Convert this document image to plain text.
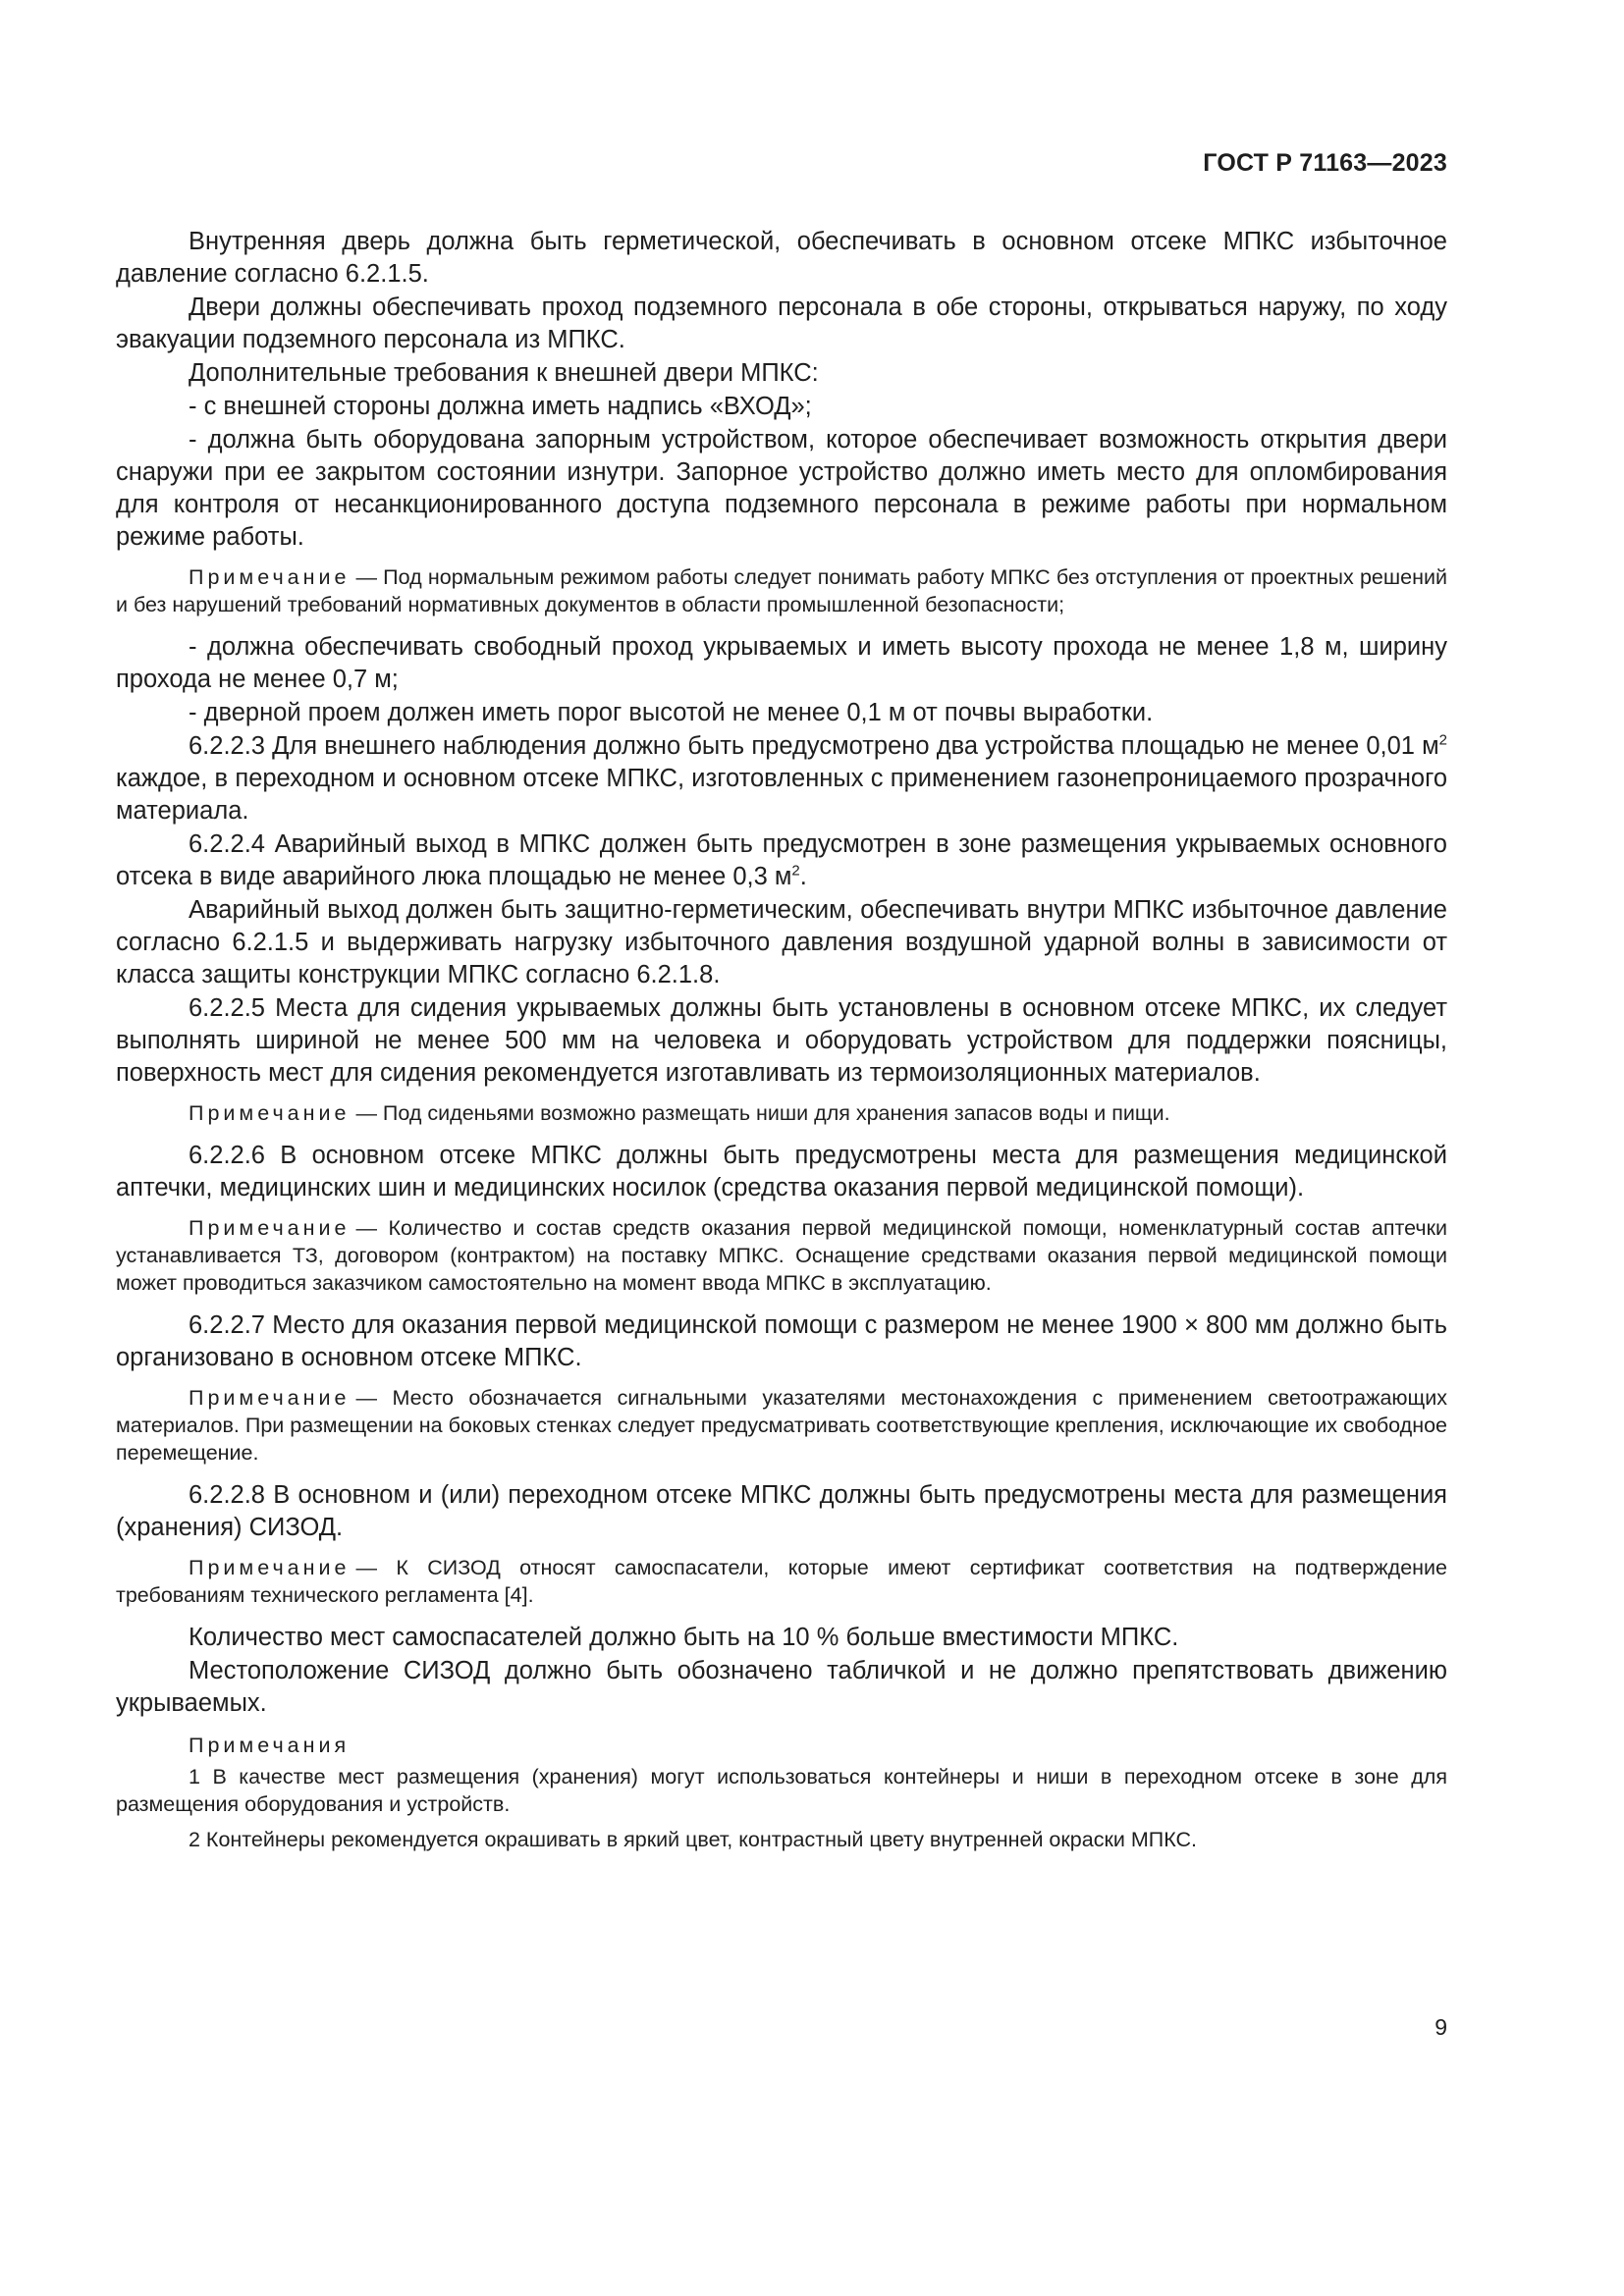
ГОСТ Р 71163—2023

Внутренняя дверь должна быть герметической, обеспечивать в основном отсеке МПКС избыточное давление согласно 6.2.1.5.

Двери должны обеспечивать проход подземного персонала в обе стороны, открываться наружу, по ходу эвакуации подземного персонала из МПКС.

Дополнительные требования к внешней двери МПКС:

- с внешней стороны должна иметь надпись «ВХОД»;

- должна быть оборудована запорным устройством, которое обеспечивает возможность открытия двери снаружи при ее закрытом состоянии изнутри. Запорное устройство должно иметь место для опломбирования для контроля от несанкционированного доступа подземного персонала в режиме работы при нормальном режиме работы.

Примечание — Под нормальным режимом работы следует понимать работу МПКС без отступления от проектных решений и без нарушений требований нормативных документов в области промышленной безопасности;

- должна обеспечивать свободный проход укрываемых и иметь высоту прохода не менее 1,8 м, ширину прохода не менее 0,7 м;

- дверной проем должен иметь порог высотой не менее 0,1 м от почвы выработки.

6.2.2.3 Для внешнего наблюдения должно быть предусмотрено два устройства площадью не менее 0,01 $м^2$ каждое, в переходном и основном отсеке МПКС, изготовленных с применением газонепроницаемого прозрачного материала.

6.2.2.4 Аварийный выход в МПКС должен быть предусмотрен в зоне размещения укрываемых основного отсека в виде аварийного люка площадью не менее 0,3 $м^2$.

Аварийный выход должен быть защитно-герметическим, обеспечивать внутри МПКС избыточное давление согласно 6.2.1.5 и выдерживать нагрузку избыточного давления воздушной ударной волны в зависимости от класса защиты конструкции МПКС согласно 6.2.1.8.

6.2.2.5 Места для сидения укрываемых должны быть установлены в основном отсеке МПКС, их следует выполнять шириной не менее 500 мм на человека и оборудовать устройством для поддержки поясницы, поверхность мест для сидения рекомендуется изготавливать из термоизоляционных материалов.

Примечание — Под сиденьями возможно размещать ниши для хранения запасов воды и пищи.

6.2.2.6 В основном отсеке МПКС должны быть предусмотрены места для размещения медицинской аптечки, медицинских шин и медицинских носилок (средства оказания первой медицинской помощи).

Примечание — Количество и состав средств оказания первой медицинской помощи, номенклатурный состав аптечки устанавливается ТЗ, договором (контрактом) на поставку МПКС. Оснащение средствами оказания первой медицинской помощи может проводиться заказчиком самостоятельно на момент ввода МПКС в эксплуатацию.

6.2.2.7 Место для оказания первой медицинской помощи с размером не менее 1900 × 800 мм должно быть организовано в основном отсеке МПКС.

Примечание — Место обозначается сигнальными указателями местонахождения с применением светоотражающих материалов. При размещении на боковых стенках следует предусматривать соответствующие крепления, исключающие их свободное перемещение.

6.2.2.8 В основном и (или) переходном отсеке МПКС должны быть предусмотрены места для размещения (хранения) СИЗОД.

Примечание — К СИЗОД относят самоспасатели, которые имеют сертификат соответствия на подтверждение требованиям технического регламента [4].

Количество мест самоспасателей должно быть на 10 % больше вместимости МПКС.

Местоположение СИЗОД должно быть обозначено табличкой и не должно препятствовать движению укрываемых.

Примечания

1 В качестве мест размещения (хранения) могут использоваться контейнеры и ниши в переходном отсеке в зоне для размещения оборудования и устройств.

2 Контейнеры рекомендуется окрашивать в яркий цвет, контрастный цвету внутренней окраски МПКС.

9
